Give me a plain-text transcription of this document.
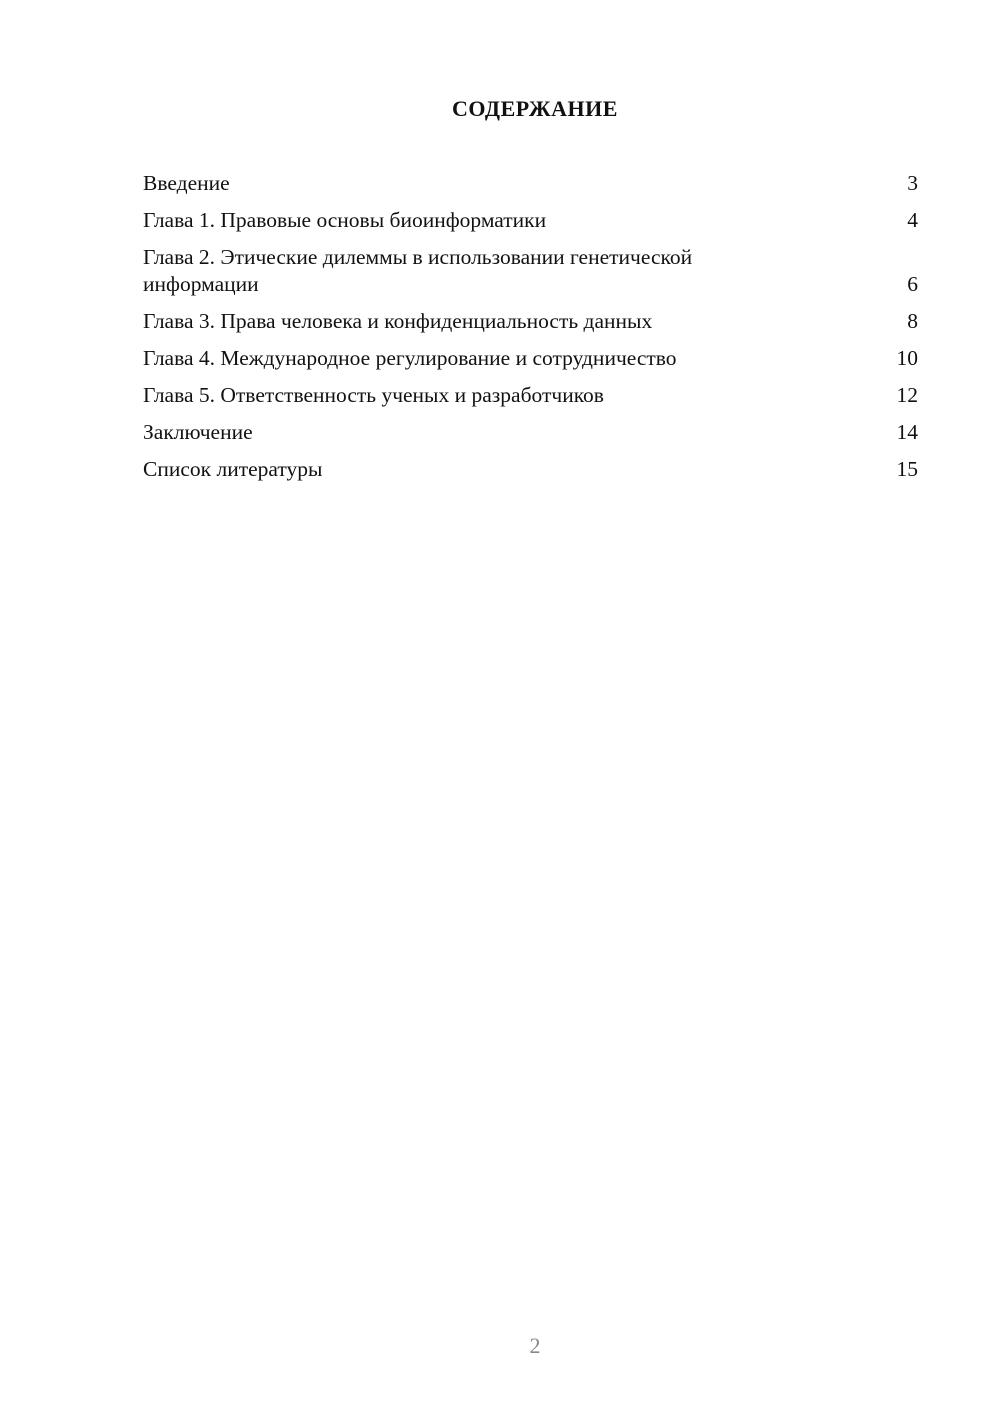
СОДЕРЖАНИЕ
Введение	3
Глава 1. Правовые основы биоинформатики	4
Глава 2. Этические дилеммы в использовании генетической информации	6
Глава 3. Права человека и конфиденциальность данных	8
Глава 4. Международное регулирование и сотрудничество	10
Глава 5. Ответственность ученых и разработчиков	12
Заключение	14
Список литературы	15
2
